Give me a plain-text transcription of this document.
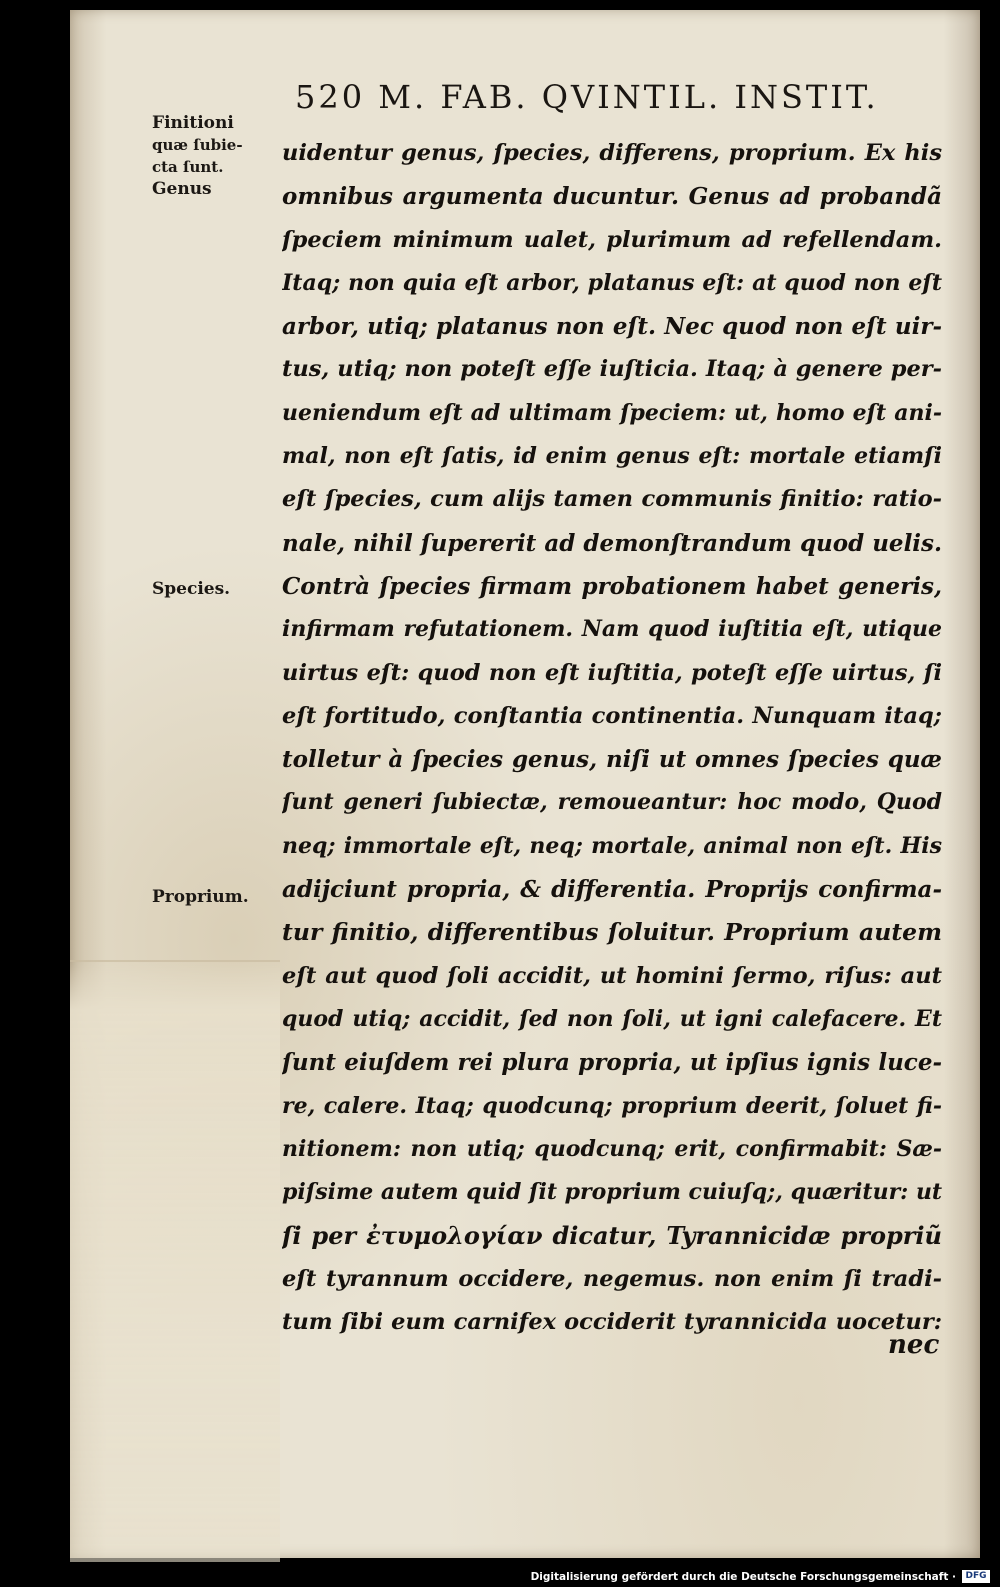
520 M. FAB. QVINTIL. INSTIT.
Finitioni
quæ ſubie-
cta ſunt.
Genus
Species.
Proprium.
uidentur genus, ſpecies, differens, proprium. Ex his
omnibus argumenta ducuntur. Genus ad probandã
ſpeciem minimum ualet, plurimum ad refellendam.
Itaq; non quia eſt arbor, platanus eſt: at quod non eſt
arbor, utiq; platanus non eſt. Nec quod non eſt uir-
tus, utiq; non poteſt eſſe iuſticia. Itaq; à genere per-
ueniendum eſt ad ultimam ſpeciem: ut, homo eſt ani-
mal, non eſt ſatis, id enim genus eſt: mortale etiamſi
eſt ſpecies, cum alijs tamen communis finitio: ratio-
nale, nihil ſupererit ad demonſtrandum quod uelis.
Contrà ſpecies firmam probationem habet generis,
infirmam refutationem. Nam quod iuſtitia eſt, utique
uirtus eſt: quod non eſt iuſtitia, poteſt eſſe uirtus, ſi
eſt fortitudo, conſtantia continentia. Nunquam itaq;
tolletur à ſpecies genus, niſi ut omnes ſpecies quæ
ſunt generi ſubiectæ, remoueantur: hoc modo, Quod
neq; immortale eſt, neq; mortale, animal non eſt. His
adijciunt propria, & differentia. Proprijs confirma-
tur finitio, differentibus ſoluitur. Proprium autem
eſt aut quod ſoli accidit, ut homini ſermo, riſus: aut
quod utiq; accidit, ſed non ſoli, ut igni calefacere. Et
ſunt eiuſdem rei plura propria, ut ipſius ignis luce-
re, calere. Itaq; quodcunq; proprium deerit, ſoluet fi-
nitionem: non utiq; quodcunq; erit, confirmabit: Sæ-
piſsime autem quid ſit proprium cuiuſq;, quæritur: ut
ſi per ἐτυμολογίαν dicatur, Tyrannicidæ propriũ
eſt tyrannum occidere, negemus. non enim ſi tradi-
tum ſibi eum carnifex occiderit tyrannicida uocetur:
nec
Digitalisierung gefördert durch die Deutsche Forschungsgemeinschaft ·	DFG
